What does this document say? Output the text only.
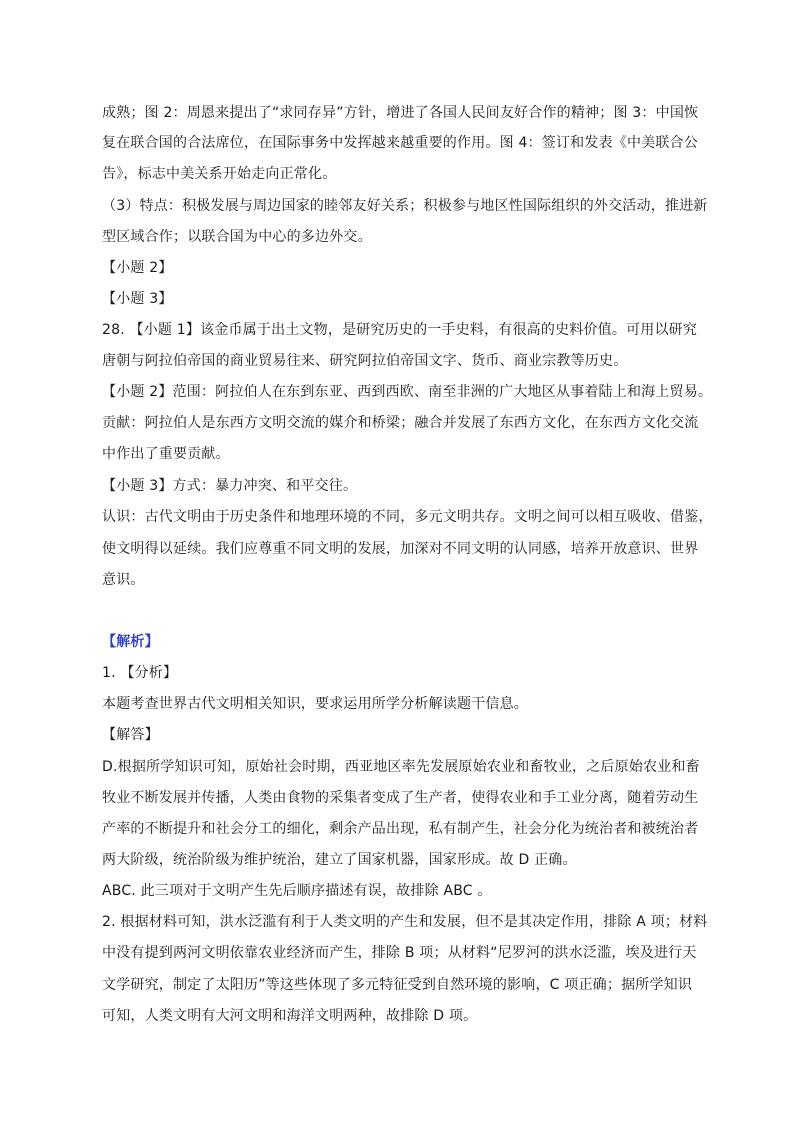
成熟；图 2：周恩来提出了“求同存异”方针，增进了各国人民间友好合作的精神；图 3：中国恢
复在联合国的合法席位，在国际事务中发挥越来越重要的作用。图 4：签订和发表《中美联合公
告》，标志中美关系开始走向正常化。
（3）特点：积极发展与周边国家的睦邻友好关系；积极参与地区性国际组织的外交活动，推进新
型区域合作；以联合国为中心的多边外交。
【小题 2】
【小题 3】
28. 【小题 1】该金币属于出土文物，是研究历史的一手史料，有很高的史料价值。可用以研究
唐朝与阿拉伯帝国的商业贸易往来、研究阿拉伯帝国文字、货币、商业宗教等历史。
【小题 2】范围：阿拉伯人在东到东亚、西到西欧、南至非洲的广大地区从事着陆上和海上贸易。
贡献：阿拉伯人是东西方文明交流的媒介和桥梁；融合并发展了东西方文化，在东西方文化交流
中作出了重要贡献。
【小题 3】方式：暴力冲突、和平交往。
认识：古代文明由于历史条件和地理环境的不同，多元文明共存。文明之间可以相互吸收、借鉴，
使文明得以延续。我们应尊重不同文明的发展，加深对不同文明的认同感，培养开放意识、世界
意识。
【解析】
1. 【分析】
本题考查世界古代文明相关知识，要求运用所学分析解读题干信息。
【解答】
D.根据所学知识可知，原始社会时期，西亚地区率先发展原始农业和畜牧业，之后原始农业和畜
牧业不断发展并传播，人类由食物的采集者变成了生产者，使得农业和手工业分离，随着劳动生
产率的不断提升和社会分工的细化，剩余产品出现，私有制产生，社会分化为统治者和被统治者
两大阶级，统治阶级为维护统治，建立了国家机器，国家形成。故 D 正确。
ABC. 此三项对于文明产生先后顺序描述有误，故排除 ABC 。
2. 根据材料可知，洪水泛滥有利于人类文明的产生和发展，但不是其决定作用，排除 A 项；材料
中没有提到两河文明依靠农业经济而产生，排除 B 项；从材料“尼罗河的洪水泛滥，埃及进行天
文学研究，制定了太阳历”等这些体现了多元特征受到自然环境的影响，C 项正确；据所学知识
可知，人类文明有大河文明和海洋文明两种，故排除 D 项。
